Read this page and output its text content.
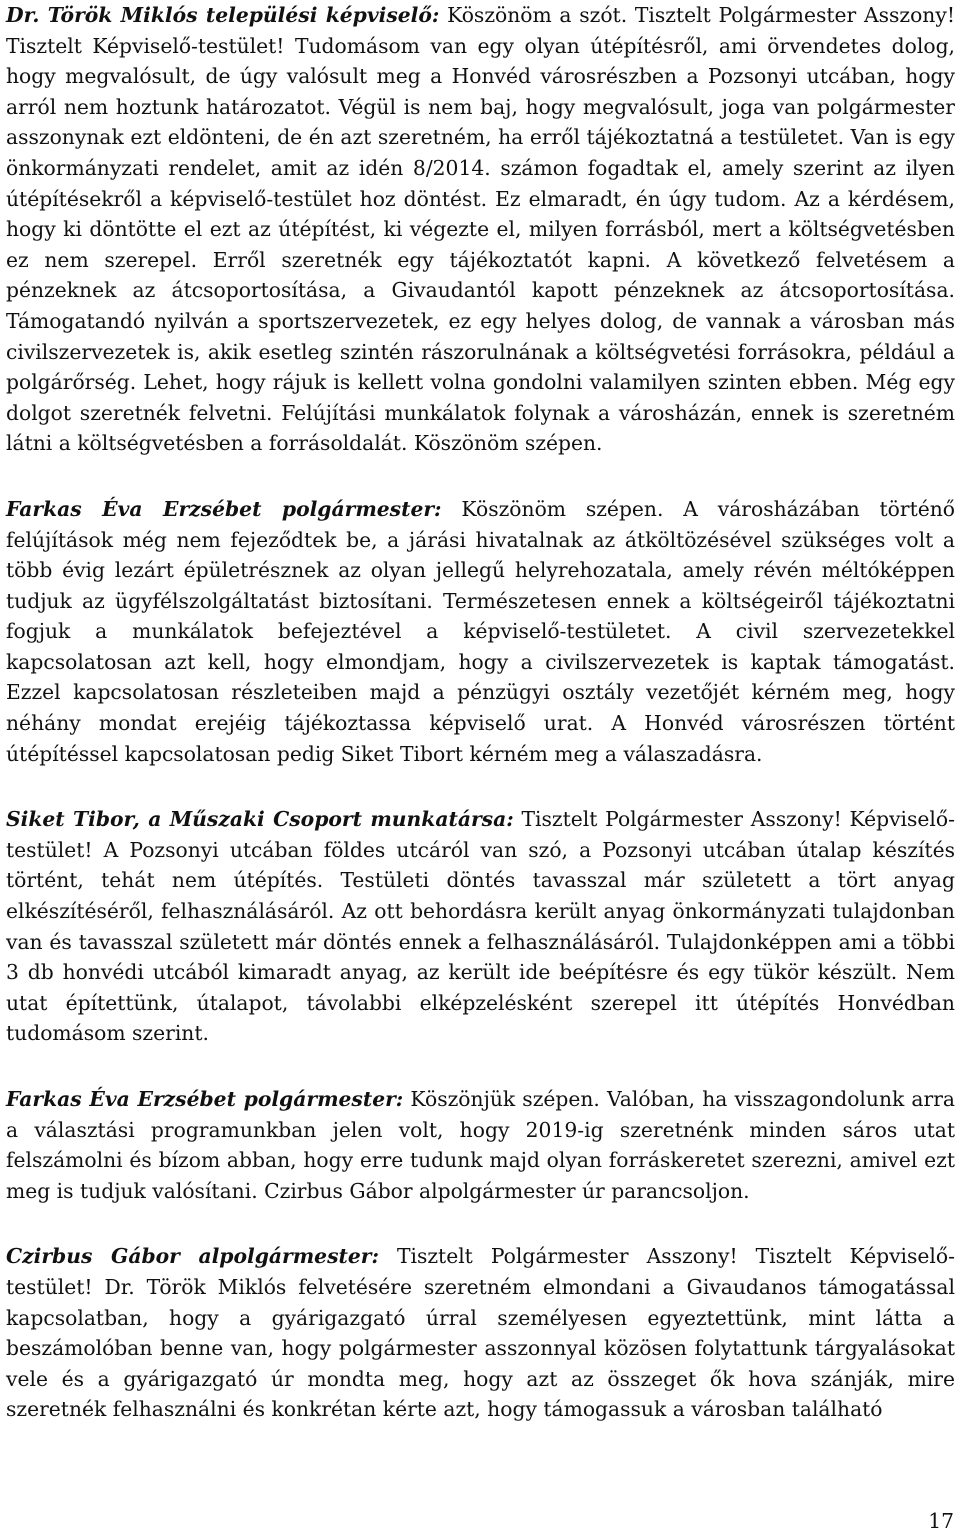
Dr. Török Miklós települési képviselő: Köszönöm a szót. Tisztelt Polgármester Asszony! Tisztelt Képviselő-testület! Tudomásom van egy olyan útépítésről, ami örvendetes dolog, hogy megvalósult, de úgy valósult meg a Honvéd városrészben a Pozsonyi utcában, hogy arról nem hoztunk határozatot. Végül is nem baj, hogy megvalósult, joga van polgármester asszonynak ezt eldönteni, de én azt szeretném, ha erről tájékoztatná a testületet. Van is egy önkormányzati rendelet, amit az idén 8/2014. számon fogadtak el, amely szerint az ilyen útépítésekről a képviselő-testület hoz döntést. Ez elmaradt, én úgy tudom. Az a kérdésem, hogy ki döntötte el ezt az útépítést, ki végezte el, milyen forrásból, mert a költségvetésben ez nem szerepel. Erről szeretnék egy tájékoztatót kapni. A következő felvetésem a pénzeknek az átcsoportosítása, a Givaudantól kapott pénzeknek az átcsoportosítása. Támogatandó nyilván a sportszervezetek, ez egy helyes dolog, de vannak a városban más civilszervezetek is, akik esetleg szintén rászorulnának a költségvetési forrásokra, például a polgárőrség. Lehet, hogy rájuk is kellett volna gondolni valamilyen szinten ebben. Még egy dolgot szeretnék felvetni. Felújítási munkálatok folynak a városházán, ennek is szeretném látni a költségvetésben a forrásoldalát. Köszönöm szépen.

Farkas Éva Erzsébet polgármester: Köszönöm szépen. A városházában történő felújítások még nem fejeződtek be, a járási hivatalnak az átköltözésével szükséges volt a több évig lezárt épületrésznek az olyan jellegű helyrehozatala, amely révén méltóképpen tudjuk az ügyfélszolgáltatást biztosítani. Természetesen ennek a költségeiről tájékoztatni fogjuk a munkálatok befejeztével a képviselő-testületet. A civil szervezetekkel kapcsolatosan azt kell, hogy elmondjam, hogy a civilszervezetek is kaptak támogatást. Ezzel kapcsolatosan részleteiben majd a pénzügyi osztály vezetőjét kérném meg, hogy néhány mondat erejéig tájékoztassa képviselő urat. A Honvéd városrészen történt útépítéssel kapcsolatosan pedig Siket Tibort kérném meg a válaszadásra.

Siket Tibor, a Műszaki Csoport munkatársa: Tisztelt Polgármester Asszony! Képviselő-testület! A Pozsonyi utcában földes utcáról van szó, a Pozsonyi utcában útalap készítés történt, tehát nem útépítés. Testületi döntés tavasszal már született a tört anyag elkészítéséről, felhasználásáról. Az ott behordásra került anyag önkormányzati tulajdonban van és tavasszal született már döntés ennek a felhasználásáról. Tulajdonképpen ami a többi 3 db honvédi utcából kimaradt anyag, az került ide beépítésre és egy tükör készült. Nem utat építettünk, útalapot, távolabbi elképzelésként szerepel itt útépítés Honvédban tudomásom szerint.

Farkas Éva Erzsébet polgármester: Köszönjük szépen. Valóban, ha visszagondolunk arra a választási programunkban jelen volt, hogy 2019-ig szeretnénk minden sáros utat felszámolni és bízom abban, hogy erre tudunk majd olyan forráskeretet szerezni, amivel ezt meg is tudjuk valósítani. Czirbus Gábor alpolgármester úr parancsoljon.

Czirbus Gábor alpolgármester: Tisztelt Polgármester Asszony! Tisztelt Képviselő-testület! Dr. Török Miklós felvetésére szeretném elmondani a Givaudanos támogatással kapcsolatban, hogy a gyárigazgató úrral személyesen egyeztettünk, mint látta a beszámolóban benne van, hogy polgármester asszonnyal közösen folytattunk tárgyalásokat vele és a gyárigazgató úr mondta meg, hogy azt az összeget ők hova szánják, mire szeretnék felhasználni és konkrétan kérte azt, hogy támogassuk a városban található

17
